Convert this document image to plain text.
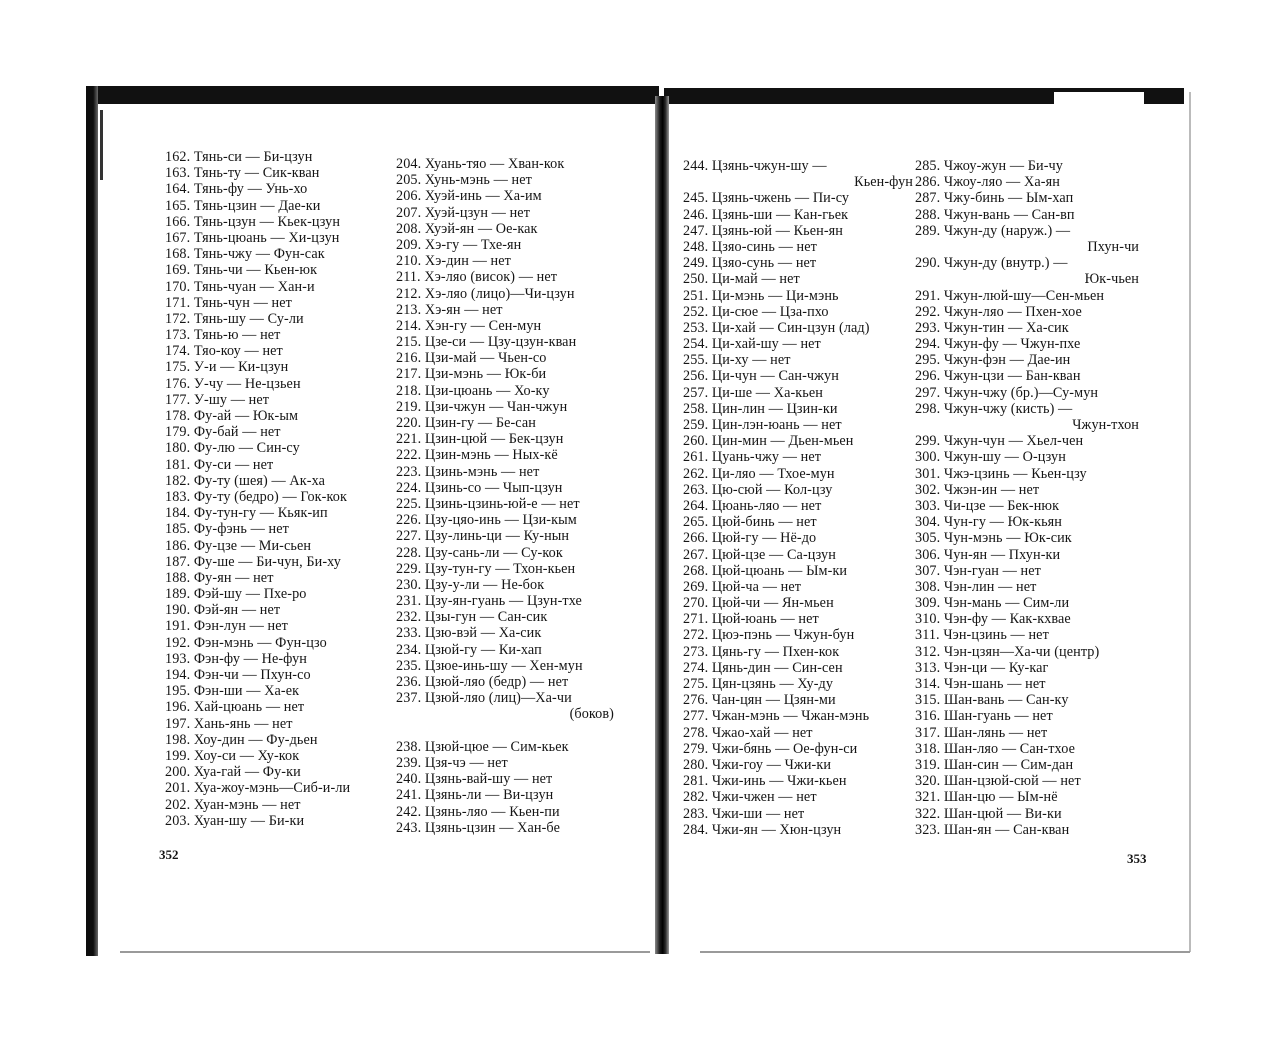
162. Тянь-си — Би-цзун
163. Тянь-ту — Сик-кван
164. Тянь-фу — Унь-хо
165. Тянь-цзин — Дае-ки
166. Тянь-цзун — Кьек-цзун
167. Тянь-цюань — Хи-цзун
168. Тянь-чжу — Фун-сак
169. Тянь-чи — Кьен-юк
170. Тянь-чуан — Хан-и
171. Тянь-чун — нет
172. Тянь-шу — Су-ли
173. Тянь-ю — нет
174. Тяо-коу — нет
175. У-и — Ки-цзун
176. У-чу — Не-цзьен
177. У-шу — нет
178. Фу-ай — Юк-ым
179. Фу-бай — нет
180. Фу-лю — Син-су
181. Фу-си — нет
182. Фу-ту (шея) — Ак-ха
183. Фу-ту (бедро) — Гок-кок
184. Фу-тун-гу — Кьяк-ип
185. Фу-фэнь — нет
186. Фу-цзе — Ми-сьен
187. Фу-ше — Би-чун, Би-ху
188. Фу-ян — нет
189. Фэй-шу — Пхе-ро
190. Фэй-ян — нет
191. Фэн-лун — нет
192. Фэн-мэнь — Фун-цзо
193. Фэн-фу — Не-фун
194. Фэн-чи — Пхун-со
195. Фэн-ши — Ха-ек
196. Хай-цюань — нет
197. Хань-янь — нет
198. Хоу-дин — Фу-дьен
199. Хоу-си — Ху-кок
200. Хуа-гай — Фу-ки
201. Хуа-жоу-мэнь—Сиб-и-ли
202. Хуан-мэнь — нет
203. Хуан-шу — Би-ки
204. Хуань-тяо — Хван-кок
205. Хунь-мэнь — нет
206. Хуэй-инь — Ха-им
207. Хуэй-цзун — нет
208. Хуэй-ян — Ое-как
209. Хэ-гу — Тхе-ян
210. Хэ-дин — нет
211. Хэ-ляо (висок) — нет
212. Хэ-ляо (лицо)—Чи-цзун
213. Хэ-ян — нет
214. Хэн-гу — Сен-мун
215. Цзе-си — Цзу-цзун-кван
216. Цзи-май — Чьен-со
217. Цзи-мэнь — Юк-би
218. Цзи-цюань — Хо-ку
219. Цзи-чжун — Чан-чжун
220. Цзин-гу — Бе-сан
221. Цзин-цюй — Бек-цзун
222. Цзин-мэнь — Ных-кё
223. Цзинь-мэнь — нет
224. Цзинь-со — Чып-цзун
225. Цзинь-цзинь-юй-е — нет
226. Цзу-цяо-инь — Цзи-кым
227. Цзу-линь-ци — Ку-нын
228. Цзу-сань-ли — Су-кок
229. Цзу-тун-гу — Тхон-кьен
230. Цзу-у-ли — Не-бок
231. Цзу-ян-гуань — Цзун-тхе
232. Цзы-гун — Сан-сик
233. Цзю-вэй — Ха-сик
234. Цзюй-гу — Ки-хап
235. Цзюе-инь-шу — Хен-мун
236. Цзюй-ляо (бедр) — нет
237. Цзюй-ляо (лиц)—Ха-чи
(боков)
238. Цзюй-цюе — Сим-кьек
239. Цзя-чэ — нет
240. Цзянь-вай-шу — нет
241. Цзянь-ли — Ви-цзун
242. Цзянь-ляо — Кьен-пи
243. Цзянь-цзин — Хан-бе
244. Цзянь-чжун-шу —
Кьен-фун
245. Цзянь-чжень — Пи-су
246. Цзянь-ши — Кан-гьек
247. Цзянь-юй — Кьен-ян
248. Цзяо-синь — нет
249. Цзяо-сунь — нет
250. Ци-май — нет
251. Ци-мэнь — Ци-мэнь
252. Ци-сюе — Цза-пхо
253. Ци-хай — Син-цзун (лад)
254. Ци-хай-шу — нет
255. Ци-ху — нет
256. Ци-чун — Сан-чжун
257. Ци-ше — Ха-кьен
258. Цин-лин — Цзин-ки
259. Цин-лэн-юань — нет
260. Цин-мин — Дьен-мьен
261. Цуань-чжу — нет
262. Ци-ляо — Тхое-мун
263. Цю-сюй — Кол-цзу
264. Цюань-ляо — нет
265. Цюй-бинь — нет
266. Цюй-гу — Нё-до
267. Цюй-цзе — Са-цзун
268. Цюй-цюань — Ым-ки
269. Цюй-ча — нет
270. Цюй-чи — Ян-мьен
271. Цюй-юань — нет
272. Цюэ-пэнь — Чжун-бун
273. Цянь-гу — Пхен-кок
274. Цянь-дин — Син-сен
275. Цян-цзянь — Ху-ду
276. Чан-цян — Цзян-ми
277. Чжан-мэнь — Чжан-мэнь
278. Чжао-хай — нет
279. Чжи-бянь — Ое-фун-си
280. Чжи-гоу — Чжи-ки
281. Чжи-инь — Чжи-кьен
282. Чжи-чжен — нет
283. Чжи-ши — нет
284. Чжи-ян — Хюн-цзун
285. Чжоу-жун — Би-чу
286. Чжоу-ляо — Ха-ян
287. Чжу-бинь — Ым-хап
288. Чжун-вань — Сан-вп
289. Чжун-ду (наруж.) —
Пхун-чи
290. Чжун-ду (внутр.) —
Юк-чьен
291. Чжун-люй-шу—Сен-мьен
292. Чжун-ляо — Пхен-хое
293. Чжун-тин — Ха-сик
294. Чжун-фу — Чжун-пхе
295. Чжун-фэн — Дае-ин
296. Чжун-цзи — Бан-кван
297. Чжун-чжу (бр.)—Су-мун
298. Чжун-чжу (кисть) —
Чжун-тхон
299. Чжун-чун — Хьел-чен
300. Чжун-шу — О-цзун
301. Чжэ-цзинь — Кьен-цзу
302. Чжэн-ин — нет
303. Чи-цзе — Бек-нюк
304. Чун-гу — Юк-кьян
305. Чун-мэнь — Юк-сик
306. Чун-ян — Пхун-ки
307. Чэн-гуан — нет
308. Чэн-лин — нет
309. Чэн-мань — Сим-ли
310. Чэн-фу — Как-кхвае
311. Чэн-цзинь — нет
312. Чэн-цзян—Ха-чи (центр)
313. Чэн-ци — Ку-каг
314. Чэн-шань — нет
315. Шан-вань — Сан-ку
316. Шан-гуань — нет
317. Шан-лянь — нет
318. Шан-ляо — Сан-тхое
319. Шан-син — Сим-дан
320. Шан-цзюй-сюй — нет
321. Шан-цю — Ым-нё
322. Шан-цюй — Ви-ки
323. Шан-ян — Сан-кван
352	353
